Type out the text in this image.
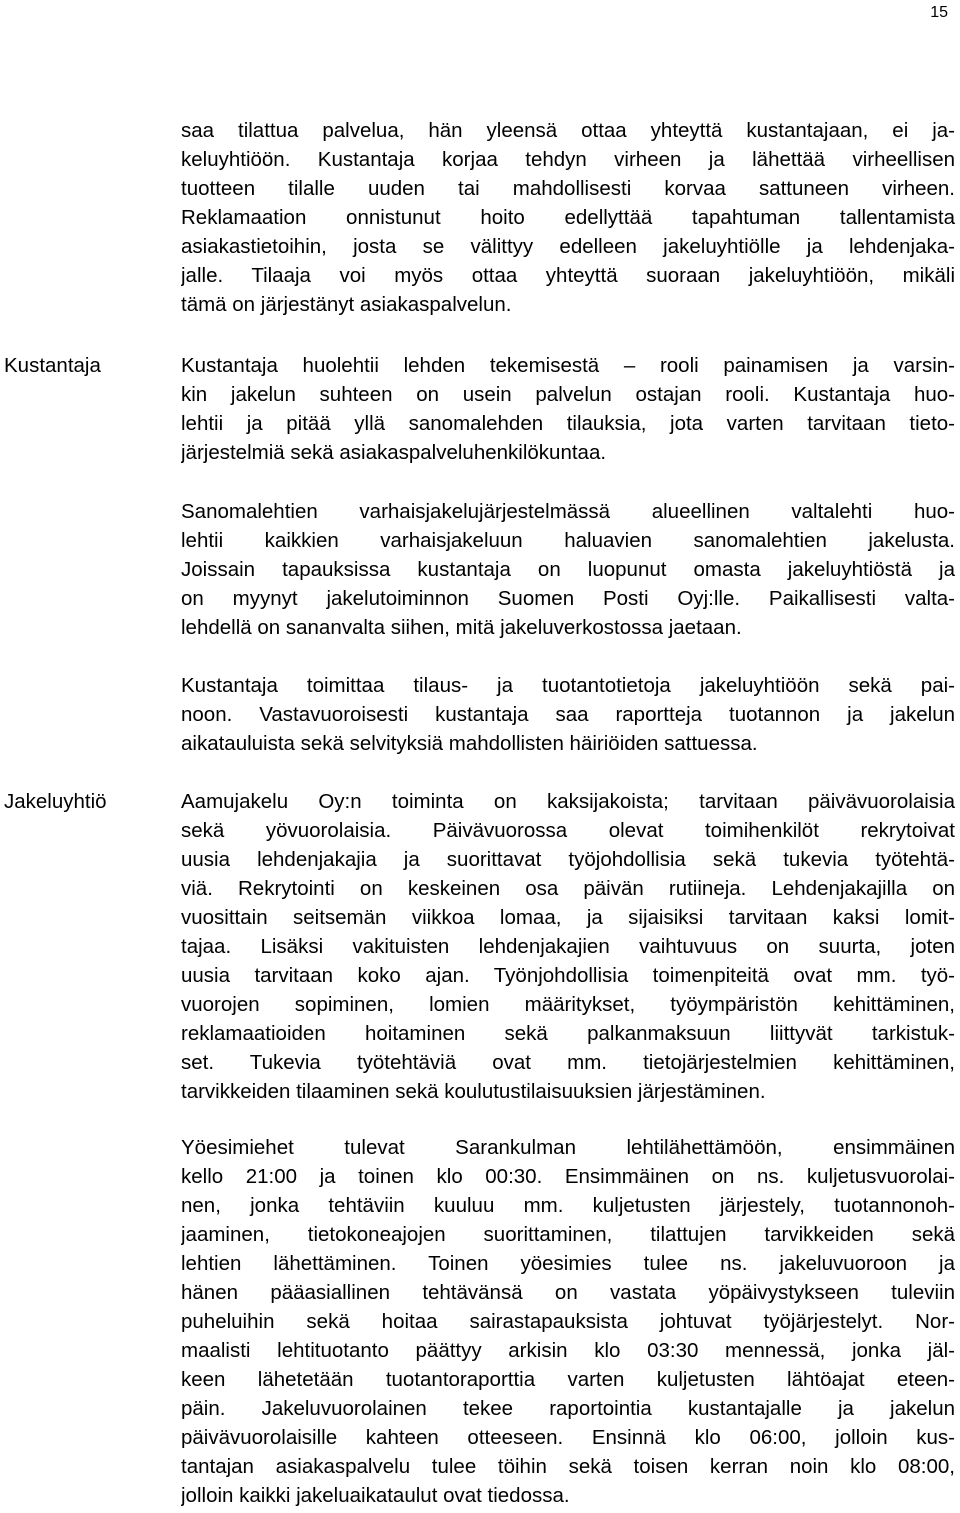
15
Kustantaja
Jakeluyhtiö
saa tilattua palvelua, hän yleensä ottaa yhteyttä kustantajaan, ei ja-
keluyhtiöön. Kustantaja korjaa tehdyn virheen ja lähettää virheellisen
tuotteen tilalle uuden tai mahdollisesti korvaa sattuneen virheen.
Reklamaation onnistunut hoito edellyttää tapahtuman tallentamista
asiakastietoihin, josta se välittyy edelleen jakeluyhtiölle ja lehdenjaka-
jalle. Tilaaja voi myös ottaa yhteyttä suoraan jakeluyhtiöön, mikäli
tämä on järjestänyt asiakaspalvelun.
Kustantaja huolehtii lehden tekemisestä – rooli painamisen ja varsin-
kin jakelun suhteen on usein palvelun ostajan rooli. Kustantaja huo-
lehtii ja pitää yllä sanomalehden tilauksia, jota varten tarvitaan tieto-
järjestelmiä sekä asiakaspalveluhenkilökuntaa.
Sanomalehtien varhaisjakelujärjestelmässä alueellinen valtalehti huo-
lehtii kaikkien varhaisjakeluun haluavien sanomalehtien jakelusta.
Joissain tapauksissa kustantaja on luopunut omasta jakeluyhtiöstä ja
on myynyt jakelutoiminnon Suomen Posti Oyj:lle. Paikallisesti valta-
lehdellä on sananvalta siihen, mitä jakeluverkostossa jaetaan.
Kustantaja toimittaa tilaus- ja tuotantotietoja jakeluyhtiöön sekä pai-
noon. Vastavuoroisesti kustantaja saa raportteja tuotannon ja jakelun
aikatauluista sekä selvityksiä mahdollisten häiriöiden sattuessa.
Aamujakelu Oy:n toiminta on kaksijakoista; tarvitaan päivävuorolaisia
sekä yövuorolaisia. Päivävuorossa olevat toimihenkilöt rekrytoivat
uusia lehdenjakajia ja suorittavat työjohdollisia sekä tukevia työtehtä-
viä. Rekrytointi on keskeinen osa päivän rutiineja. Lehdenjakajilla on
vuosittain seitsemän viikkoa lomaa, ja sijaisiksi tarvitaan kaksi lomit-
tajaa. Lisäksi vakituisten lehdenjakajien vaihtuvuus on suurta, joten
uusia tarvitaan koko ajan. Työnjohdollisia toimenpiteitä ovat mm. työ-
vuorojen sopiminen, lomien määritykset, työympäristön kehittäminen,
reklamaatioiden hoitaminen sekä palkanmaksuun liittyvät tarkistuk-
set. Tukevia työtehtäviä ovat mm. tietojärjestelmien kehittäminen,
tarvikkeiden tilaaminen sekä koulutustilaisuuksien järjestäminen.
Yöesimiehet tulevat Sarankulman lehtilähettämöön, ensimmäinen
kello 21:00 ja toinen klo 00:30. Ensimmäinen on ns. kuljetusvuorolai-
nen, jonka tehtäviin kuuluu mm. kuljetusten järjestely, tuotannonoh-
jaaminen, tietokoneajojen suorittaminen, tilattujen tarvikkeiden sekä
lehtien lähettäminen. Toinen yöesimies tulee ns. jakeluvuoroon ja
hänen pääasiallinen tehtävänsä on vastata yöpäivystykseen tuleviin
puheluihin sekä hoitaa sairastapauksista johtuvat työjärjestelyt. Nor-
maalisti lehtituotanto päättyy arkisin klo 03:30 mennessä, jonka jäl-
keen lähetetään tuotantoraporttia varten kuljetusten lähtöajat eteen-
päin. Jakeluvuorolainen tekee raportointia kustantajalle ja jakelun
päivävuorolaisille kahteen otteeseen. Ensinnä klo 06:00, jolloin kus-
tantajan asiakaspalvelu tulee töihin sekä toisen kerran noin klo 08:00,
jolloin kaikki jakeluaikataulut ovat tiedossa.
